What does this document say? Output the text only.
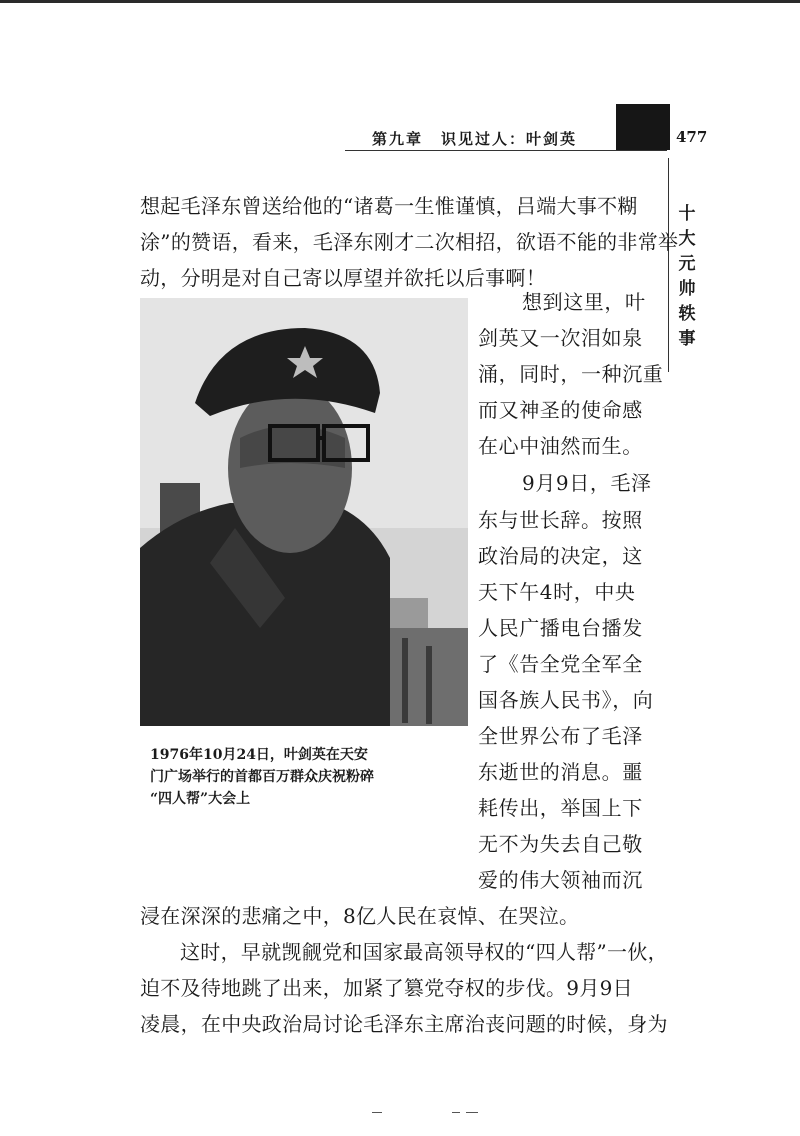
第九章 识见过人：叶剑英	477
十
大
元
帅
轶
事
想起毛泽东曾送给他的“诸葛一生惟谨慎，吕端大事不糊
涂”的赞语，看来，毛泽东刚才二次相招，欲语不能的非常举
动，分明是对自己寄以厚望并欲托以后事啊！
1976年10月24日，叶剑英在天安
门广场举行的首都百万群众庆祝粉碎
“四人帮”大会上
想到这里，叶
剑英又一次泪如泉
涌，同时，一种沉重
而又神圣的使命感
在心中油然而生。
9月9日，毛泽
东与世长辞。按照
政治局的决定，这
天下午4时，中央
人民广播电台播发
了《告全党全军全
国各族人民书》，向
全世界公布了毛泽
东逝世的消息。噩
耗传出，举国上下
无不为失去自己敬
爱的伟大领袖而沉
浸在深深的悲痛之中，8亿人民在哀悼、在哭泣。
这时，早就觊觎党和国家最高领导权的“四人帮”一伙，
迫不及待地跳了出来，加紧了篡党夺权的步伐。9月9日
凌晨，在中央政治局讨论毛泽东主席治丧问题的时候，身为
